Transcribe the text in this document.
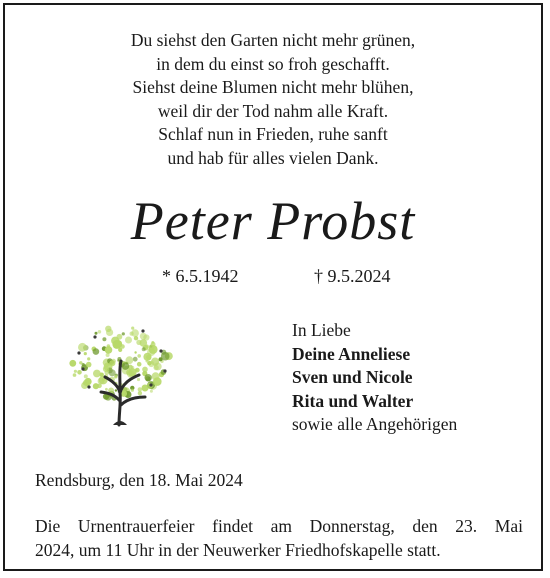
Du siehst den Garten nicht mehr grünen,
in dem du einst so froh geschafft.
Siehst deine Blumen nicht mehr blühen,
weil dir der Tod nahm alle Kraft.
Schlaf nun in Frieden, ruhe sanft
und hab für alles vielen Dank.
Peter Probst
* 6.5.1942	† 9.5.2024
In Liebe
Deine Anneliese
Sven und Nicole
Rita und Walter
sowie alle Angehörigen
Rendsburg, den 18. Mai 2024
Die Urnentrauerfeier findet am Donnerstag, den 23. Mai
2024, um 11 Uhr in der Neuwerker Friedhofskapelle statt.
